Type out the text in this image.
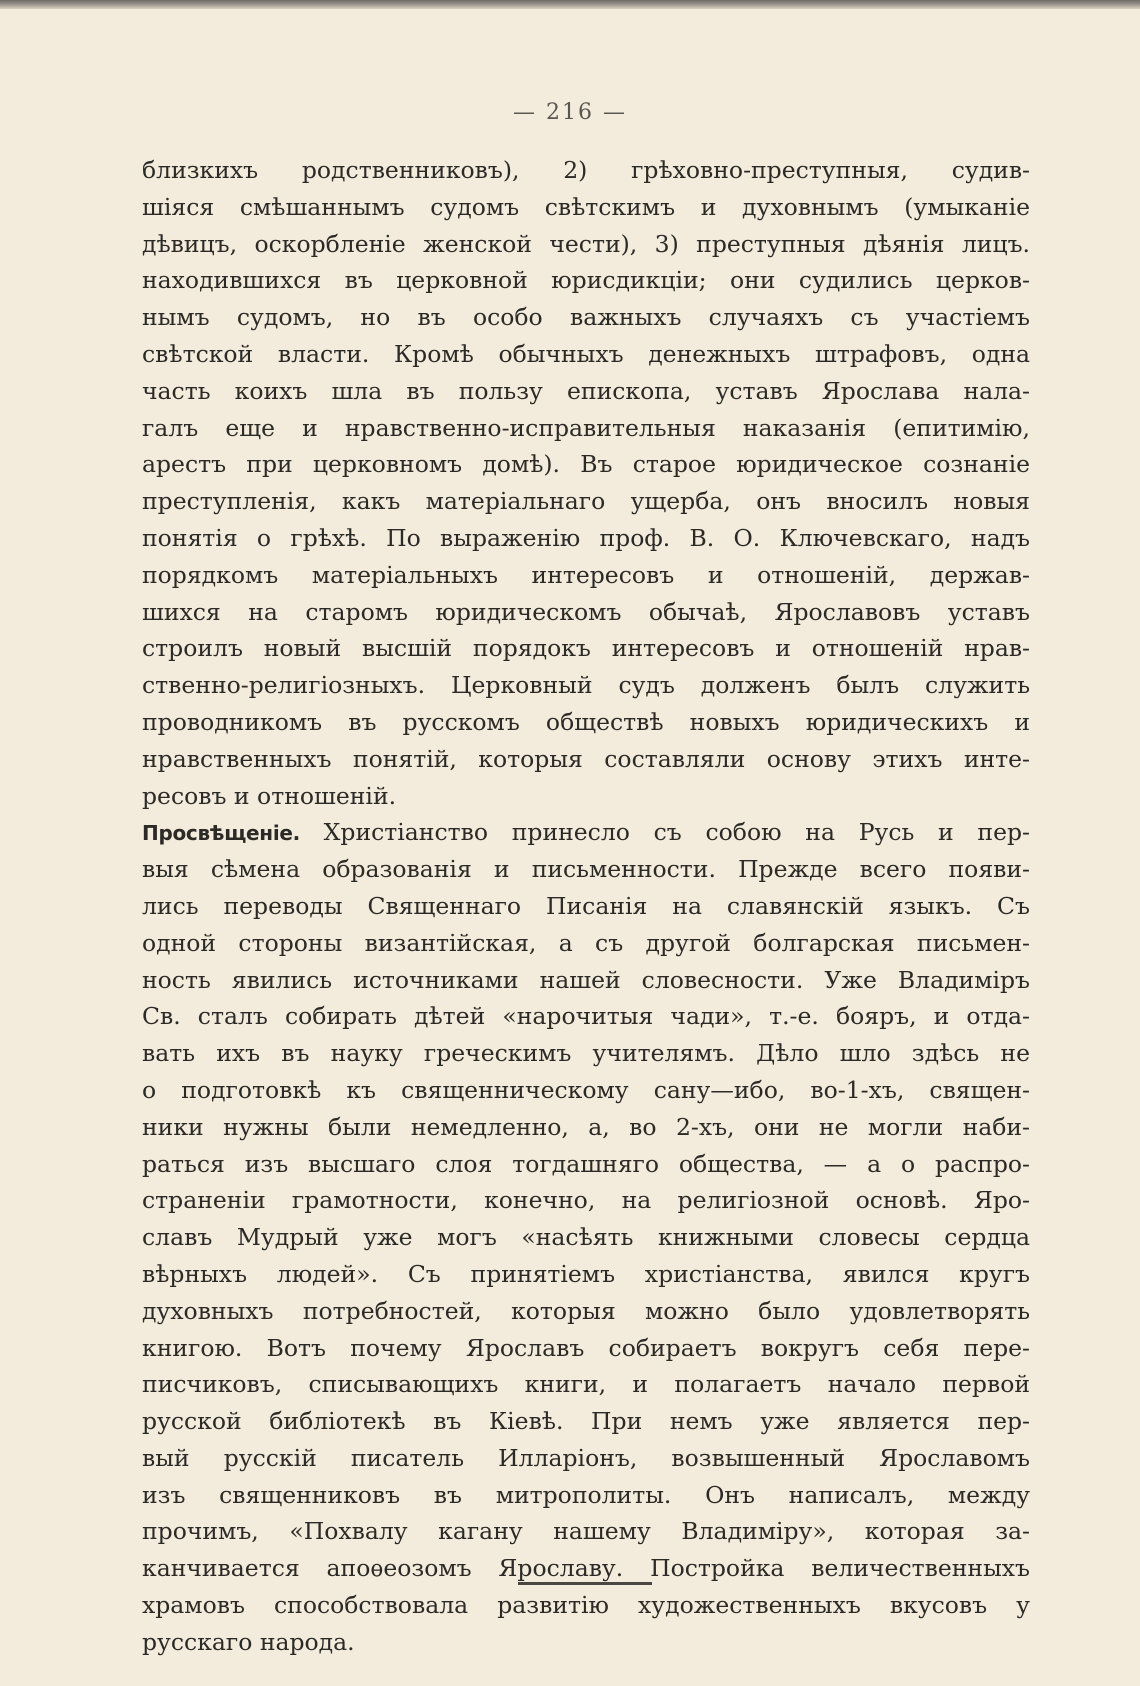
— 216 —
близкихъ родственниковъ), 2) грѣховно-преступныя, судив-
шіяся смѣшаннымъ судомъ свѣтскимъ и духовнымъ (умыканіе
дѣвицъ, оскорбленіе женской чести), 3) преступныя дѣянія лицъ.
находившихся въ церковной юрисдикціи; они судились церков-
нымъ судомъ, но въ особо важныхъ случаяхъ съ участіемъ
свѣтской власти. Кромѣ обычныхъ денежныхъ штрафовъ, одна
часть коихъ шла въ пользу епископа, уставъ Ярослава нала-
галъ еще и нравственно-исправительныя наказанія (епитимію,
арестъ при церковномъ домѣ). Въ старое юридическое сознаніе
преступленія, какъ матеріальнаго ущерба, онъ вносилъ новыя
понятія о грѣхѣ. По выраженію проф. В. О. Ключевскаго, надъ
порядкомъ матеріальныхъ интересовъ и отношеній, держав-
шихся на старомъ юридическомъ обычаѣ, Ярославовъ уставъ
строилъ новый высшій порядокъ интересовъ и отношеній нрав-
ственно-религіозныхъ. Церковный судъ долженъ былъ служить
проводникомъ въ русскомъ обществѣ новыхъ юридическихъ и
нравственныхъ понятій, которыя составляли основу этихъ инте-
ресовъ и отношеній.
Просвѣщеніе. Христіанство принесло съ собою на Русь и пер-
выя сѣмена образованія и письменности. Прежде всего появи-
лись переводы Священнаго Писанія на славянскій языкъ. Съ
одной стороны византійская, а съ другой болгарская письмен-
ность явились источниками нашей словесности. Уже Владиміръ
Св. сталъ собирать дѣтей «нарочитыя чади», т.-е. бояръ, и отда-
вать ихъ въ науку греческимъ учителямъ. Дѣло шло здѣсь не
о подготовкѣ къ священническому сану—ибо, во-1-хъ, священ-
ники нужны были немедленно, а, во 2-хъ, они не могли наби-
раться изъ высшаго слоя тогдашняго общества, — а о распро-
страненіи грамотности, конечно, на религіозной основѣ. Яро-
славъ Мудрый уже могъ «насѣять книжными словесы сердца
вѣрныхъ людей». Съ принятіемъ христіанства, явился кругъ
духовныхъ потребностей, которыя можно было удовлетворять
книгою. Вотъ почему Ярославъ собираетъ вокругъ себя пере-
писчиковъ, списывающихъ книги, и полагаетъ начало первой
русской библіотекѣ въ Кіевѣ. При немъ уже является пер-
вый русскій писатель Илларіонъ, возвышенный Ярославомъ
изъ священниковъ въ митрополиты. Онъ написалъ, между
прочимъ, «Похвалу кагану нашему Владиміру», которая за-
канчивается апоѳеозомъ Ярославу. Постройка величественныхъ
храмовъ способствовала развитію художественныхъ вкусовъ у
русскаго народа.
